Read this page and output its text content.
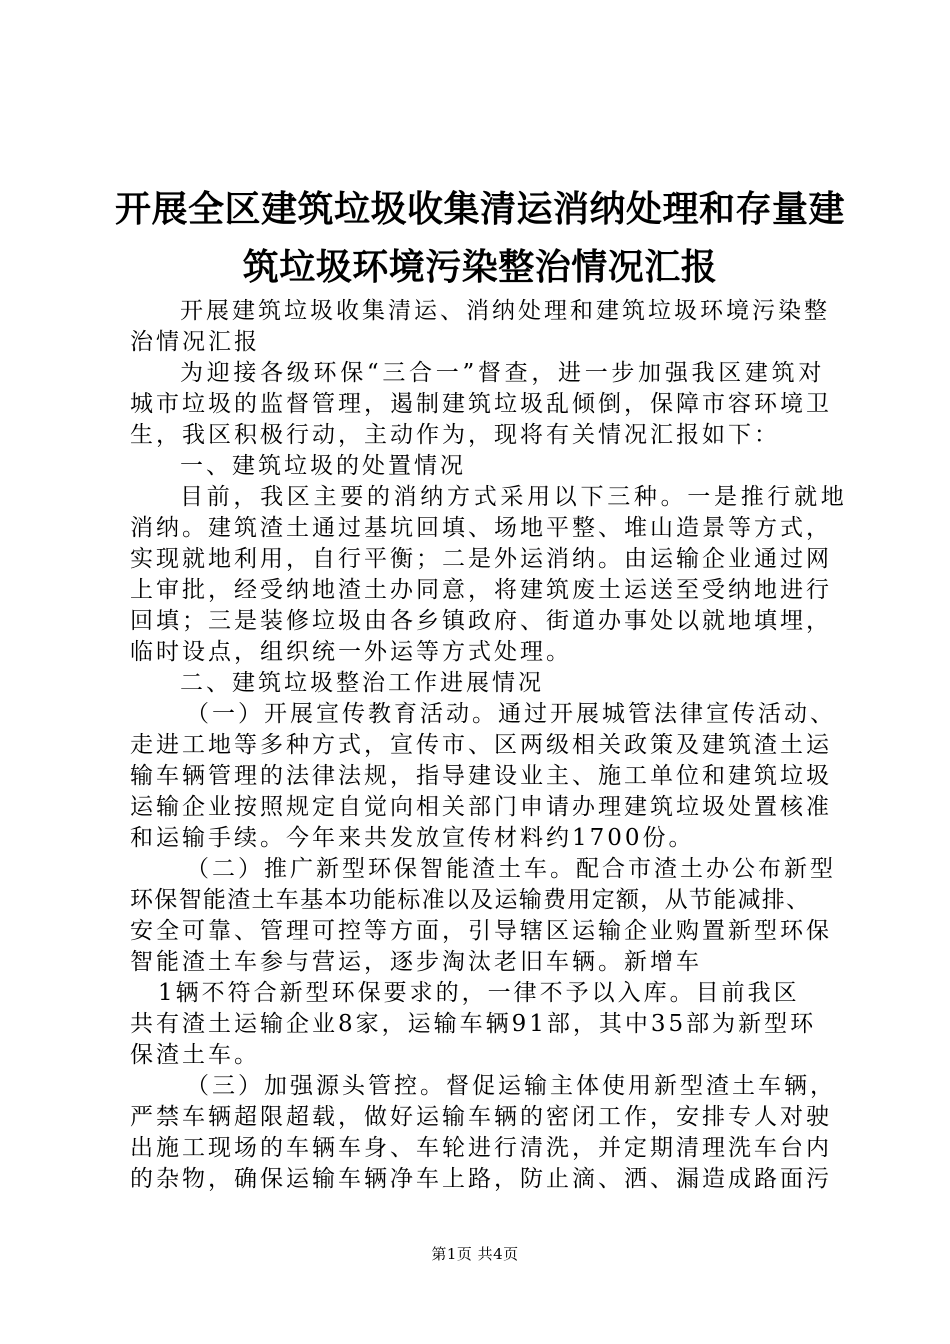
开展全区建筑垃圾收集清运消纳处理和存量建
筑垃圾环境污染整治情况汇报
开展建筑垃圾收集清运、消纳处理和建筑垃圾环境污染整
治情况汇报
为迎接各级环保“三合一”督查，进一步加强我区建筑对
城市垃圾的监督管理，遏制建筑垃圾乱倾倒，保障市容环境卫
生，我区积极行动，主动作为，现将有关情况汇报如下：
一、建筑垃圾的处置情况
目前，我区主要的消纳方式采用以下三种。一是推行就地
消纳。建筑渣土通过基坑回填、场地平整、堆山造景等方式，
实现就地利用，自行平衡；二是外运消纳。由运输企业通过网
上审批，经受纳地渣土办同意，将建筑废土运送至受纳地进行
回填；三是装修垃圾由各乡镇政府、街道办事处以就地填埋，
临时设点，组织统一外运等方式处理。
二、建筑垃圾整治工作进展情况
（一）开展宣传教育活动。通过开展城管法律宣传活动、
走进工地等多种方式，宣传市、区两级相关政策及建筑渣土运
输车辆管理的法律法规，指导建设业主、施工单位和建筑垃圾
运输企业按照规定自觉向相关部门申请办理建筑垃圾处置核准
和运输手续。今年来共发放宣传材料约1700份。
（二）推广新型环保智能渣土车。配合市渣土办公布新型
环保智能渣土车基本功能标准以及运输费用定额，从节能减排、
安全可靠、管理可控等方面，引导辖区运输企业购置新型环保
智能渣土车参与营运，逐步淘汰老旧车辆。新增车
1辆不符合新型环保要求的，一律不予以入库。目前我区
共有渣土运输企业8家，运输车辆91部，其中35部为新型环
保渣土车。
（三）加强源头管控。督促运输主体使用新型渣土车辆，
严禁车辆超限超载，做好运输车辆的密闭工作，安排专人对驶
出施工现场的车辆车身、车轮进行清洗，并定期清理洗车台内
的杂物，确保运输车辆净车上路，防止滴、洒、漏造成路面污
第1页 共4页
